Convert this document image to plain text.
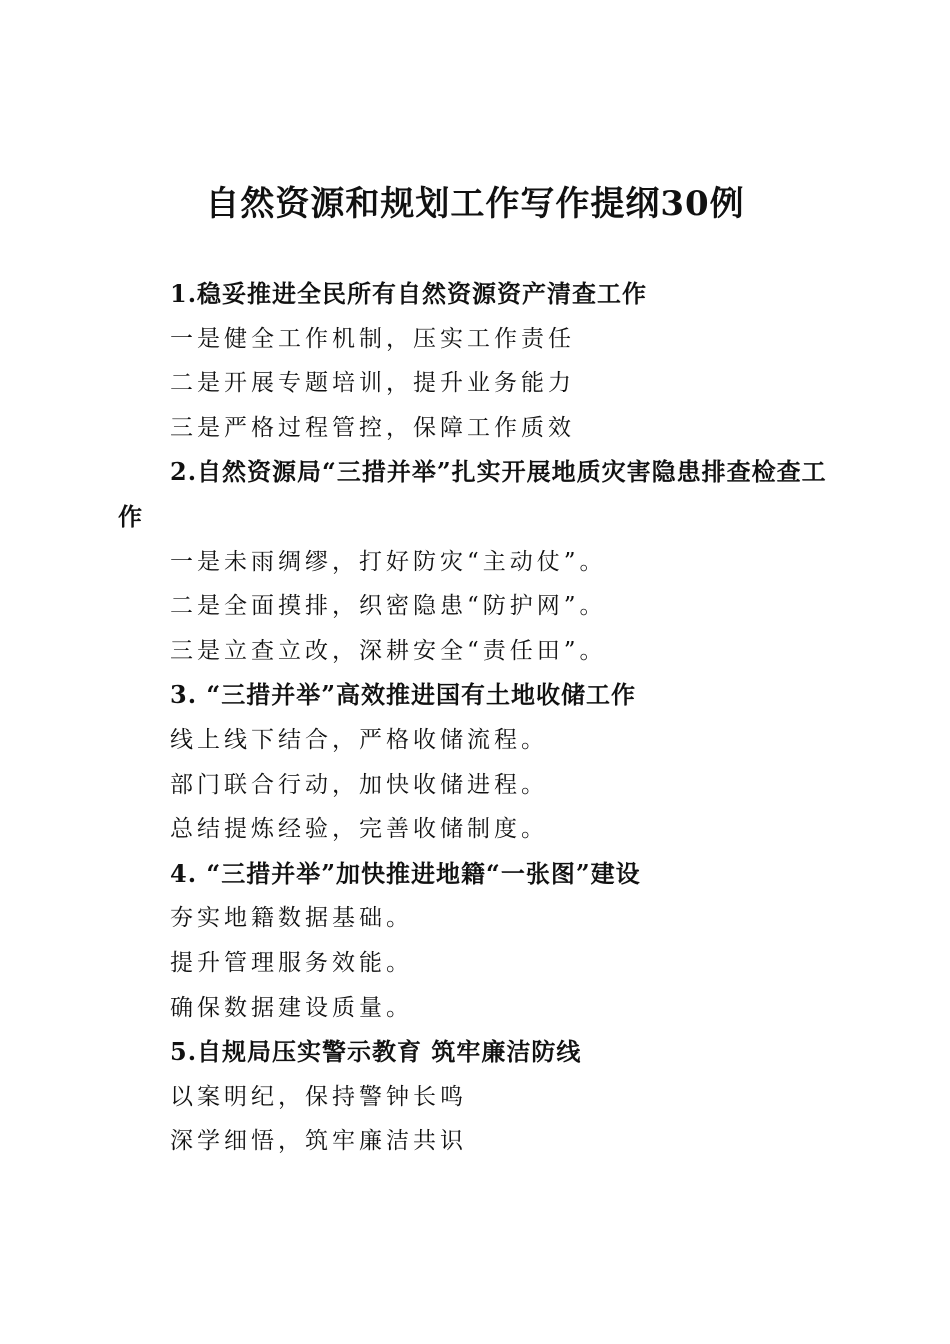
自然资源和规划工作写作提纲30例

1.稳妥推进全民所有自然资源资产清查工作

一是健全工作机制，压实工作责任

二是开展专题培训，提升业务能力

三是严格过程管控，保障工作质效

2.自然资源局“三措并举”扎实开展地质灾害隐患排查检查工作

一是未雨绸缪，打好防灾“主动仗”。

二是全面摸排，织密隐患“防护网”。

三是立查立改，深耕安全“责任田”。

3. “三措并举”高效推进国有土地收储工作

线上线下结合，严格收储流程。

部门联合行动，加快收储进程。

总结提炼经验，完善收储制度。

4. “三措并举”加快推进地籍“一张图”建设

夯实地籍数据基础。

提升管理服务效能。

确保数据建设质量。

5.自规局压实警示教育 筑牢廉洁防线

以案明纪，保持警钟长鸣

深学细悟，筑牢廉洁共识
